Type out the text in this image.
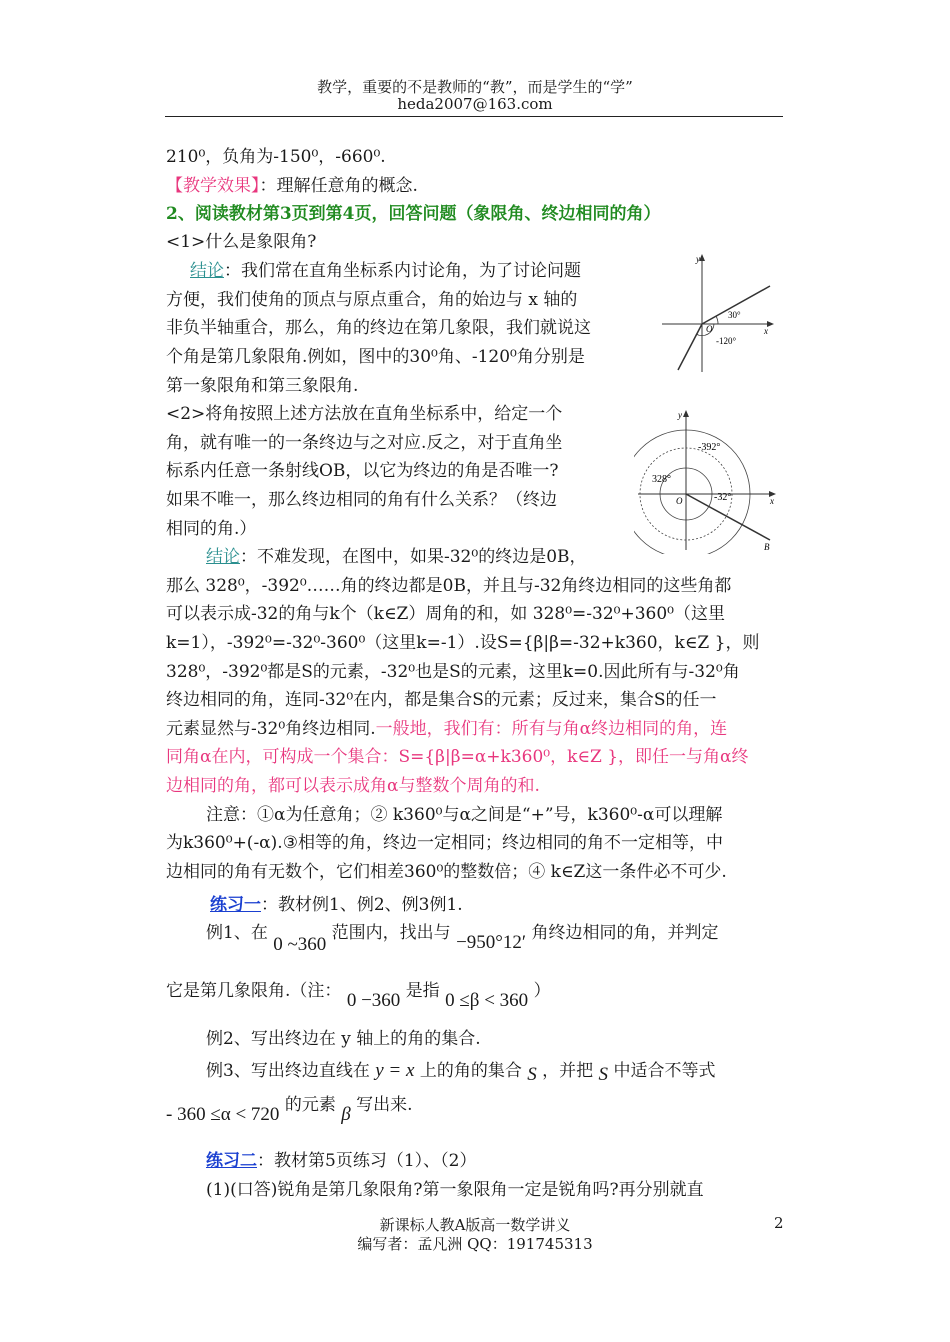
教学，重要的不是教师的“教”，而是学生的“学”
heda2007@163.com
210⁰，负角为-150⁰，-660⁰.
【教学效果】：理解任意角的概念.
2、阅读教材第3页到第4页，回答问题（象限角、终边相同的角）
<1>什么是象限角?
结论：我们常在直角坐标系内讨论角，为了讨论问题
方便，我们使角的顶点与原点重合，角的始边与 x 轴的
非负半轴重合，那么，角的终边在第几象限，我们就说这
个角是第几象限角.例如，图中的30⁰角、-120⁰角分别是
第一象限角和第三象限角.
<2>将角按照上述方法放在直角坐标系中，给定一个
角，就有唯一的一条终边与之对应.反之，对于直角坐
标系内任意一条射线OB，以它为终边的角是否唯一?
如果不唯一，那么终边相同的角有什么关系？（终边
相同的角.）
结论：不难发现，在图中，如果-32⁰的终边是0B，
那么 328⁰，-392⁰……角的终边都是0B，并且与-32角终边相同的这些角都
可以表示成-32的角与k个（k∈Z）周角的和，如 328⁰=-32⁰+360⁰（这里
k=1），-392⁰=-32⁰-360⁰（这里k=-1）.设S={β|β=-32+k360，k∈Z }，则
328⁰，-392⁰都是S的元素，-32⁰也是S的元素，这里k=0.因此所有与-32⁰角
终边相同的角，连同-32⁰在内，都是集合S的元素；反过来，集合S的任一
元素显然与-32⁰角终边相同.一般地，我们有：所有与角α终边相同的角，连
同角α在内，可构成一个集合：S={β|β=α+k360⁰，k∈Z }，即任一与角α终
边相同的角，都可以表示成角α与整数个周角的和.
注意：①α为任意角；② k360⁰与α之间是“+”号，k360⁰-α可以理解
为k360⁰+(-α).③相等的角，终边一定相同；终边相同的角不一定相等，中
边相同的角有无数个，它们相差360⁰的整数倍；④ k∈Z这一条件必不可少.
练习一：教材例1、例2、例3例1.
例1、在 0 ~360 范围内，找出与 −950°12′ 角终边相同的角，并判定
它是第几象限角.（注： 0 −360 是指 0 ≤β < 360 ）
例2、写出终边在 y 轴上的角的集合.
例3、写出终边直线在 y = x 上的角的集合 S ，并把 S 中适合不等式
- 360 ≤α < 720 的元素 β 写出来.
练习二：教材第5页练习（1）、（2）
(1)(口答)锐角是第几象限角?第一象限角一定是锐角吗?再分别就直
y
x
O
30°
-120°
y
x
O
-392°
328°
-32°
B
新课标人教A版高一数学讲义	2
编写者：孟凡洲 QQ：191745313
